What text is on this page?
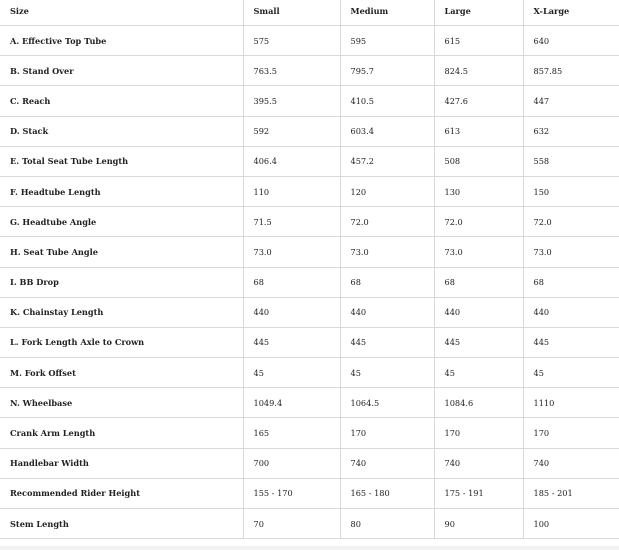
Size	Small	Medium	Large	X-Large
A. Effective Top Tube	575	595	615	640
B. Stand Over	763.5	795.7	824.5	857.85
C. Reach	395.5	410.5	427.6	447
D. Stack	592	603.4	613	632
E. Total Seat Tube Length	406.4	457.2	508	558
F. Headtube Length	110	120	130	150
G. Headtube Angle	71.5	72.0	72.0	72.0
H. Seat Tube Angle	73.0	73.0	73.0	73.0
I. BB Drop	68	68	68	68
K. Chainstay Length	440	440	440	440
L. Fork Length Axle to Crown	445	445	445	445
M. Fork Offset	45	45	45	45
N. Wheelbase	1049.4	1064.5	1084.6	1110
Crank Arm Length	165	170	170	170
Handlebar Width	700	740	740	740
Recommended Rider Height	155 - 170	165 - 180	175 - 191	185 - 201
Stem Length	70	80	90	100
